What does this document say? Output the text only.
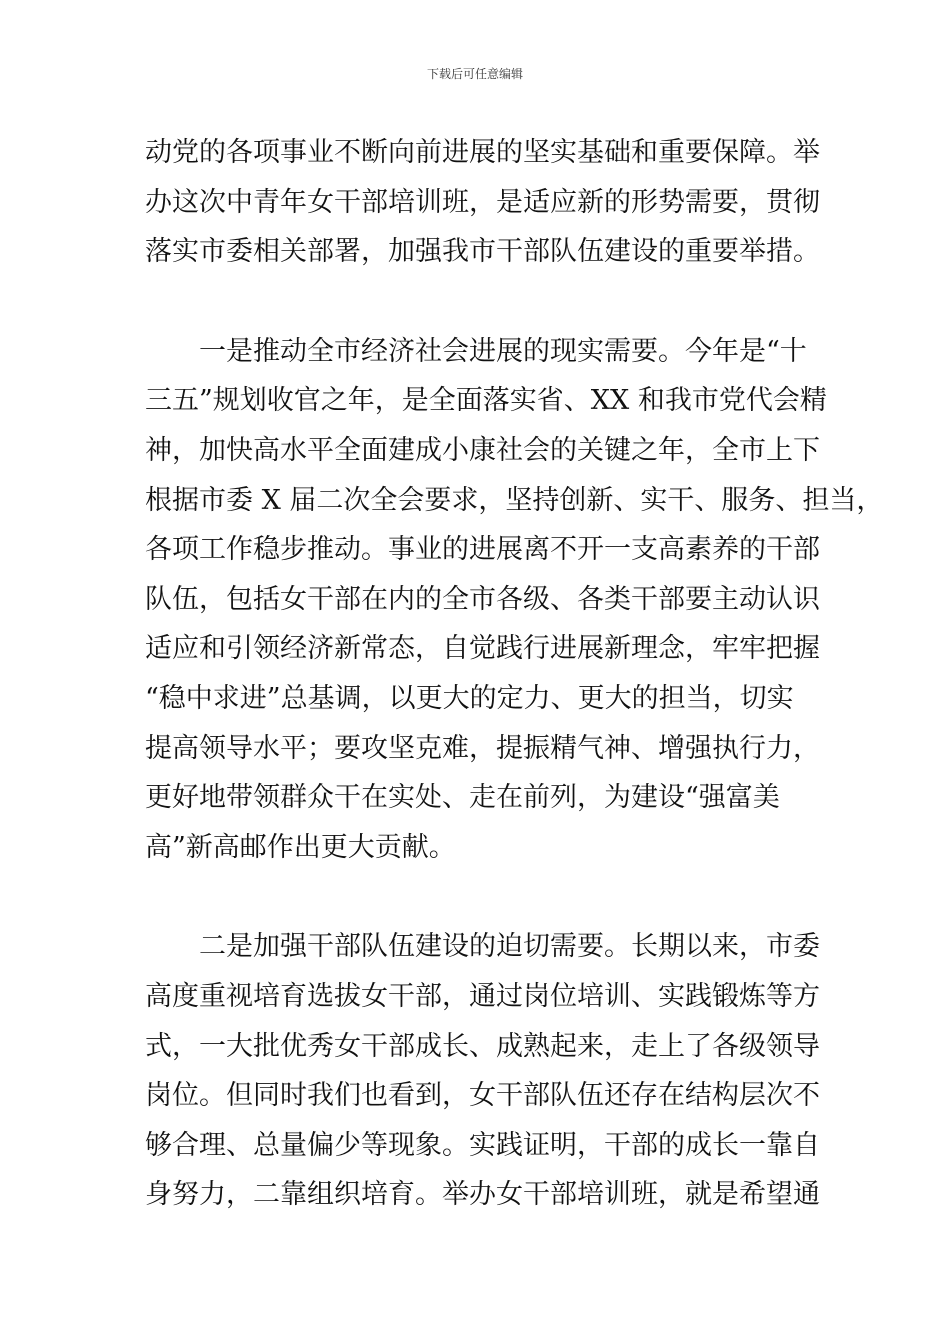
下载后可任意编辑
动党的各项事业不断向前进展的坚实基础和重要保障。举
办这次中青年女干部培训班，是适应新的形势需要，贯彻
落实市委相关部署，加强我市干部队伍建设的重要举措。
一是推动全市经济社会进展的现实需要。今年是“十
三五”规划收官之年，是全面落实省、XX 和我市党代会精
神，加快高水平全面建成小康社会的关键之年，全市上下
根据市委 X 届二次全会要求，坚持创新、实干、服务、担当，
各项工作稳步推动。事业的进展离不开一支高素养的干部
队伍，包括女干部在内的全市各级、各类干部要主动认识
适应和引领经济新常态，自觉践行进展新理念，牢牢把握
“稳中求进”总基调，以更大的定力、更大的担当，切实
提高领导水平；要攻坚克难，提振精气神、增强执行力，
更好地带领群众干在实处、走在前列，为建设“强富美
高”新高邮作出更大贡献。
二是加强干部队伍建设的迫切需要。长期以来，市委
高度重视培育选拔女干部，通过岗位培训、实践锻炼等方
式，一大批优秀女干部成长、成熟起来，走上了各级领导
岗位。但同时我们也看到，女干部队伍还存在结构层次不
够合理、总量偏少等现象。实践证明，干部的成长一靠自
身努力，二靠组织培育。举办女干部培训班，就是希望通
